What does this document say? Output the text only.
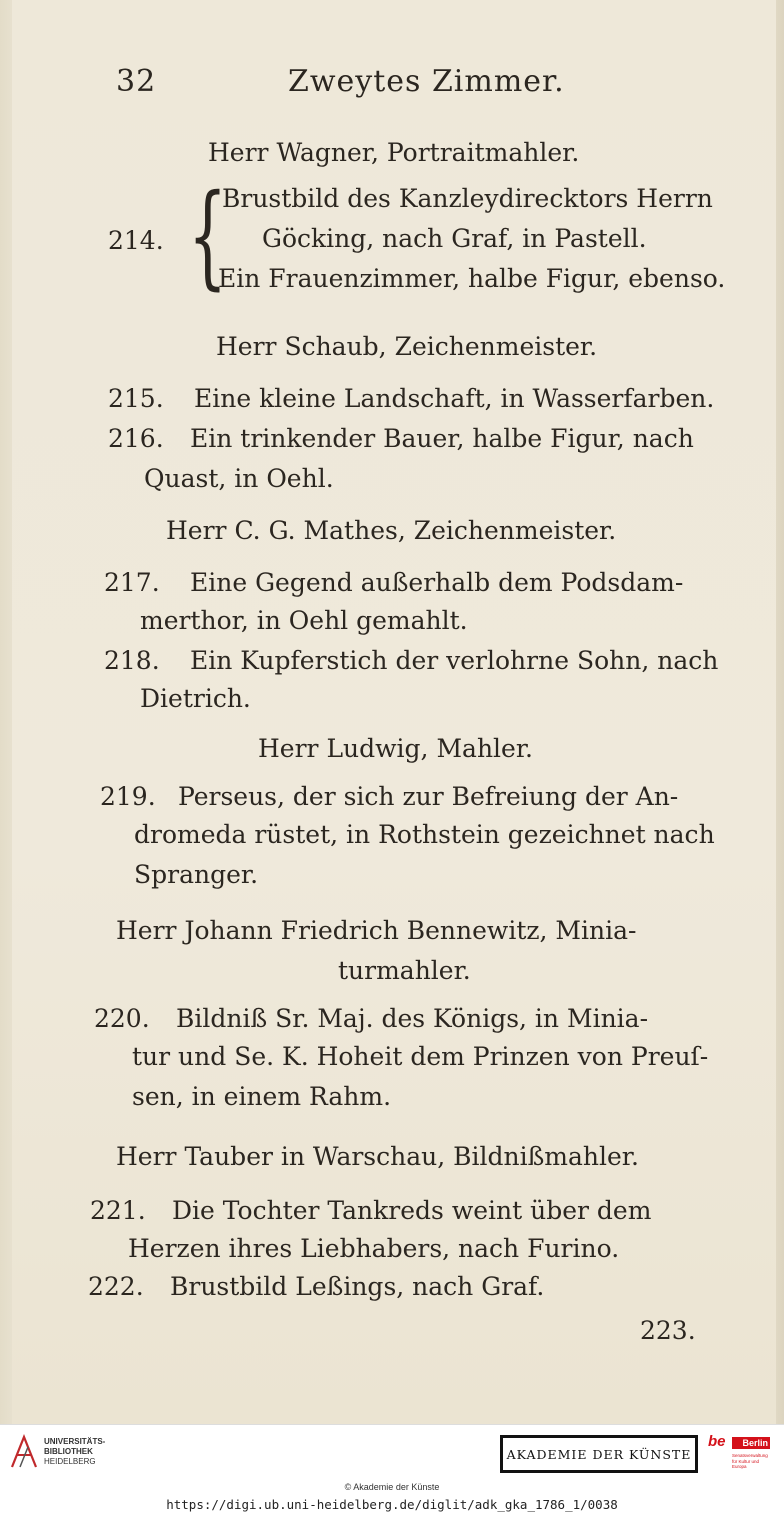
32	Zweytes Zimmer.
Herr Wagner, Portraitmahler.
214. {
Brustbild des Kanzleydirecktors Herrn
Göcking, nach Graf, in Pastell.
Ein Frauenzimmer, halbe Figur, ebenso.
Herr Schaub, Zeichenmeister.
215. Eine kleine Landschaft, in Wasserfarben.
216. Ein trinkender Bauer, halbe Figur, nach
Quast, in Oehl.
Herr C. G. Mathes, Zeichenmeister.
217. Eine Gegend außerhalb dem Podsdam-
merthor, in Oehl gemahlt.
218. Ein Kupferstich der verlohrne Sohn, nach
Dietrich.
Herr Ludwig, Mahler.
219. Perseus, der sich zur Befreiung der An-
dromeda rüstet, in Rothstein gezeichnet nach
Spranger.
Herr Johann Friedrich Bennewitz, Minia-
turmahler.
220. Bildniß Sr. Maj. des Königs, in Minia-
tur und Se. K. Hoheit dem Prinzen von Preuſ-
sen, in einem Rahm.
Herr Tauber in Warschau, Bildnißmahler.
221. Die Tochter Tankreds weint über dem
Herzen ihres Liebhabers, nach Furino.
222. Brustbild Leßings, nach Graf.
223.
UNIVERSITÄTS-
BIBLIOTHEK
HEIDELBERG	AKADEMIE DER KÜNSTE
be	Berlin
Senatsverwaltung für Kultur und Europa
© Akademie der Künste
https://digi.ub.uni-heidelberg.de/diglit/adk_gka_1786_1/0038
